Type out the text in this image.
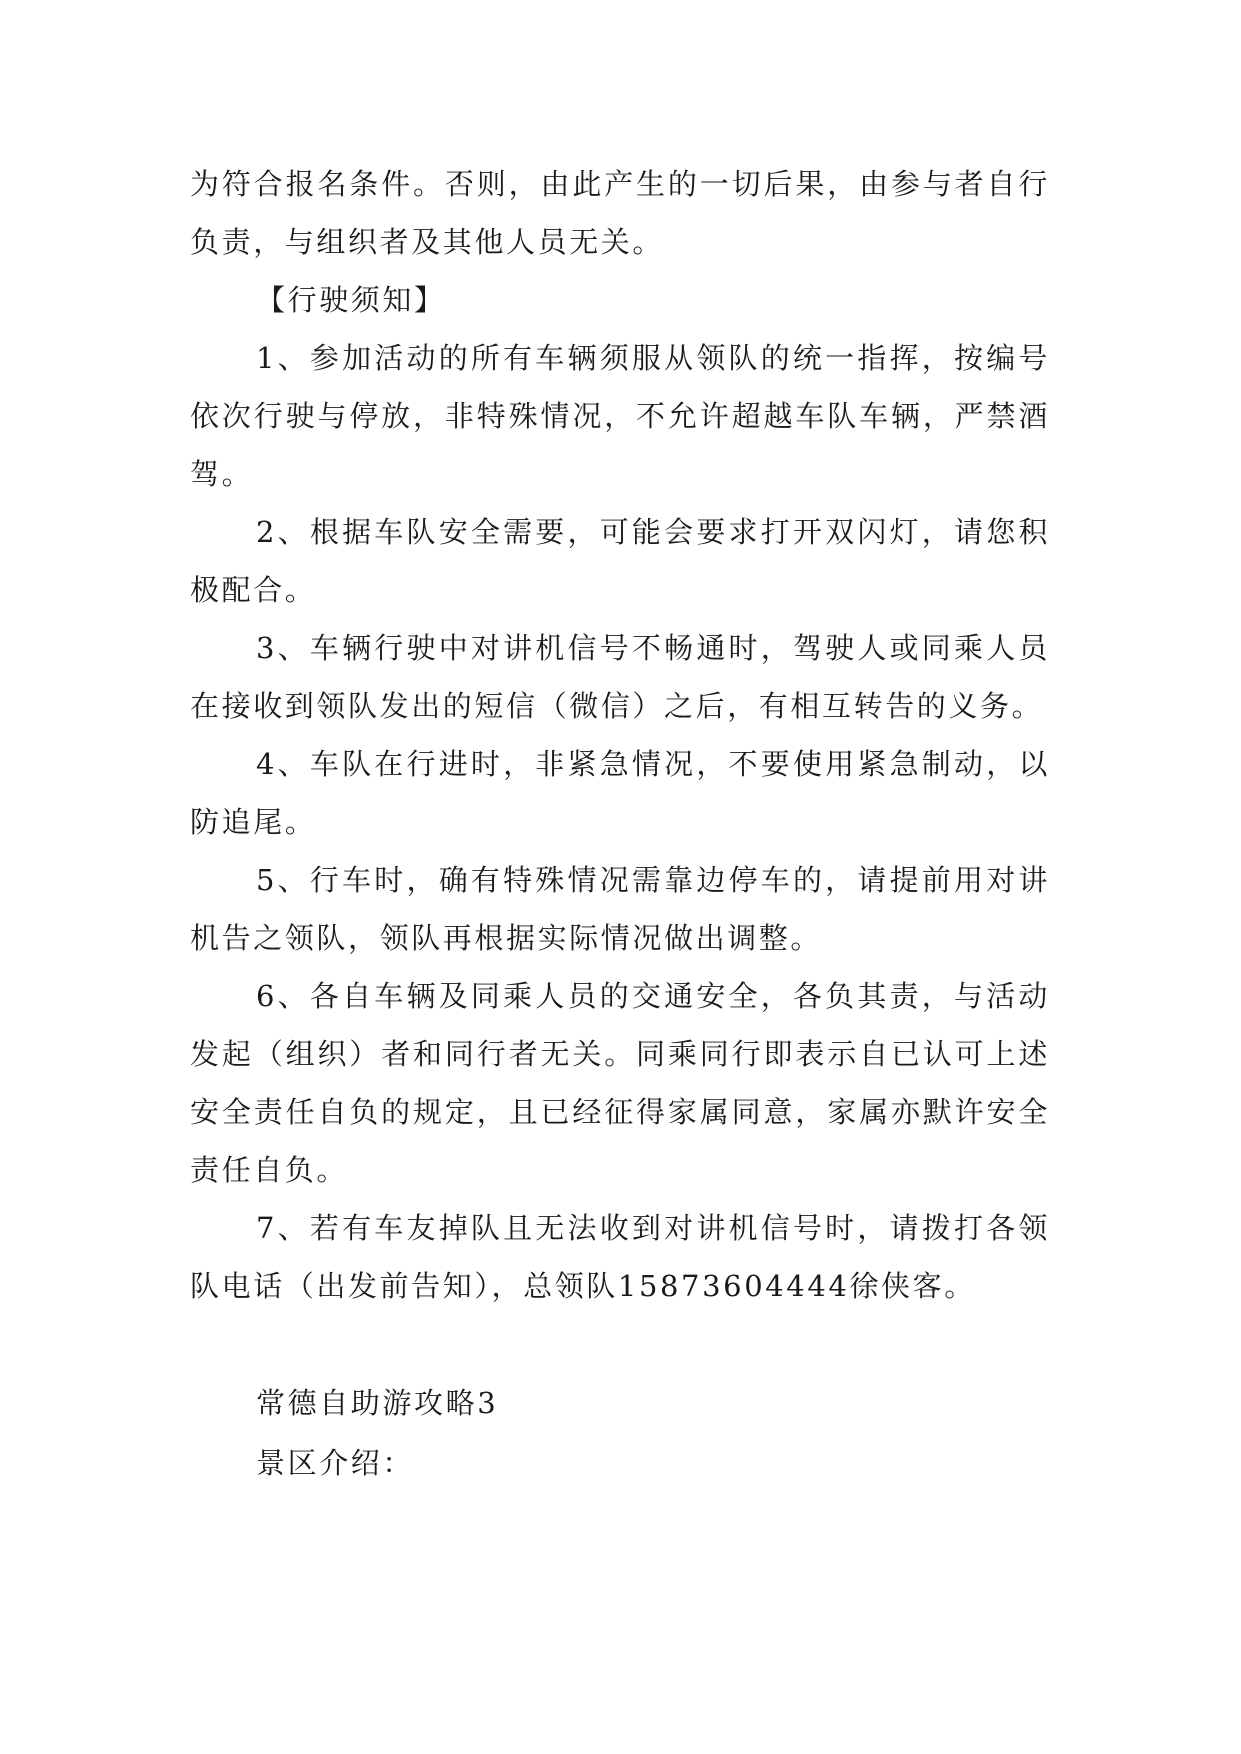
为符合报名条件。否则，由此产生的一切后果，由参与者自行负责，与组织者及其他人员无关。

【行驶须知】

1、参加活动的所有车辆须服从领队的统一指挥，按编号依次行驶与停放，非特殊情况，不允许超越车队车辆，严禁酒驾。

2、根据车队安全需要，可能会要求打开双闪灯，请您积极配合。

3、车辆行驶中对讲机信号不畅通时，驾驶人或同乘人员在接收到领队发出的短信（微信）之后，有相互转告的义务。

4、车队在行进时，非紧急情况，不要使用紧急制动，以防追尾。

5、行车时，确有特殊情况需靠边停车的，请提前用对讲机告之领队，领队再根据实际情况做出调整。

6、各自车辆及同乘人员的交通安全，各负其责，与活动发起（组织）者和同行者无关。同乘同行即表示自已认可上述安全责任自负的规定，且已经征得家属同意，家属亦默许安全责任自负。

7、若有车友掉队且无法收到对讲机信号时，请拨打各领队电话（出发前告知），总领队15873604444徐侠客。

常德自助游攻略3

景区介绍：
